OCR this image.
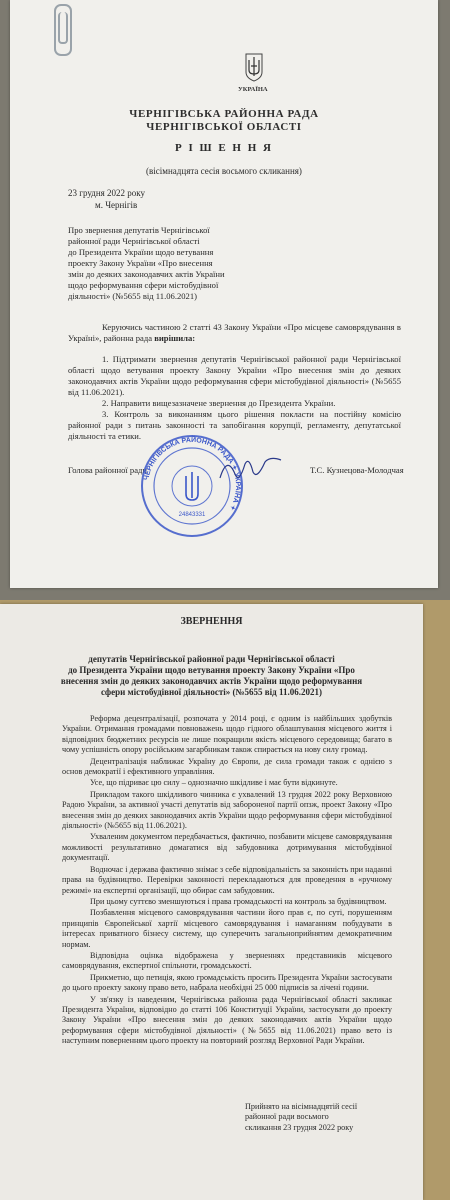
УКРАЇНА

ЧЕРНІГІВСЬКА РАЙОННА РАДА
ЧЕРНІГІВСЬКОЇ ОБЛАСТІ

Р І Ш Е Н Н Я

(вісімнадцята сесія восьмого скликання)

23 грудня 2022 року

м. Чернігів

Про звернення депутатів Чернігівської
районної ради Чернігівської області
до Президента України щодо ветування
проекту Закону України «Про внесення
змін до деяких законодавчих актів України
щодо реформування сфери містобудівної
діяльності» (№5655 від 11.06.2021)

Керуючись частиною 2 статті 43 Закону України «Про місцеве самоврядування в Україні», районна рада вирішила:

1. Підтримати звернення депутатів Чернігівської районної ради Чернігівської області щодо ветування проекту Закону України «Про внесення змін до деяких законодавчих актів України щодо реформування сфери містобудівної діяльності» (№5655 від 11.06.2021).

2. Направити вищезазначене звернення до Президента України.

3. Контроль за виконанням цього рішення покласти на постійну комісію районної ради з питань законності та запобігання корупції, регламенту, депутатської діяльності та етики.

Голова районної ради	Т.С. Кузнецова-Молодчая

ЧЕРНІГІВСЬКА РАЙОННА РАДА ✦ УКРАЇНА ✦
24843331
ЗВЕРНЕННЯ
депутатів Чернігівської районної ради Чернігівської області
до Президента України щодо ветування проекту Закону України «Про
внесення змін до деяких законодавчих актів України щодо реформування
сфери містобудівної діяльності» (№5655 від 11.06.2021)

Реформа децентралізації, розпочата у 2014 році, є одним із найбільших здобутків України. Отримання громадами повноважень щодо гідного облаштування місцевого життя і відповідних бюджетних ресурсів не лише покращили якість місцевого середовища; багато в чому успішність опору російським загарбникам також спирається на нову силу громад.

Децентралізація наближає Україну до Європи, де сила громади також є однією з основ демократії і ефективного управління.

Усе, що підриває цю силу – однозначно шкідливе і має бути відкинуте.

Прикладом такого шкідливого чинника є ухвалений 13 грудня 2022 року Верховною Радою України, за активної участі депутатів від забороненої партії опзж, проект Закону «Про внесення змін до деяких законодавчих актів України щодо реформування сфери містобудівної діяльності» (№5655 від 11.06.2021).

Ухваленим документом передбачається, фактично, позбавити місцеве самоврядування можливості результативно домагатися від забудовника дотримування містобудівної документації.

Водночас і держава фактично знімає з себе відповідальність за законність при наданні права на будівництво. Перевірки законності перекладаються для проведення в «ручному режимі» на експертні організації, що обирає сам забудовник.

При цьому суттєво зменшуються і права громадськості на контроль за будівництвом.

Позбавлення місцевого самоврядування частини його прав є, по суті, порушенням принципів Європейської хартії місцевого самоврядування і намаганням побудувати в інтересах приватного бізнесу систему, що суперечить загальноприйнятим демократичним нормам.

Відповідна оцінка відображена у зверненнях представників місцевого самоврядування, експертної спільноти, громадськості.

Прикметно, що петиція, якою громадськість просить Президента України застосувати до цього проекту закону право вето, набрала необхідні 25 000 підписів за лічені години.

У зв'язку із наведеним, Чернігівська районна рада Чернігівської області закликає Президента України, відповідно до статті 106 Конституції України, застосувати до проекту Закону України «Про внесення змін до деяких законодавчих актів України щодо реформування сфери містобудівної діяльності» (№5655 від 11.06.2021) право вето із наступним поверненням цього проекту на повторний розгляд Верховної Ради України.

Прийнято на вісімнадцятій сесії
районної ради восьмого
скликання 23 грудня 2022 року
